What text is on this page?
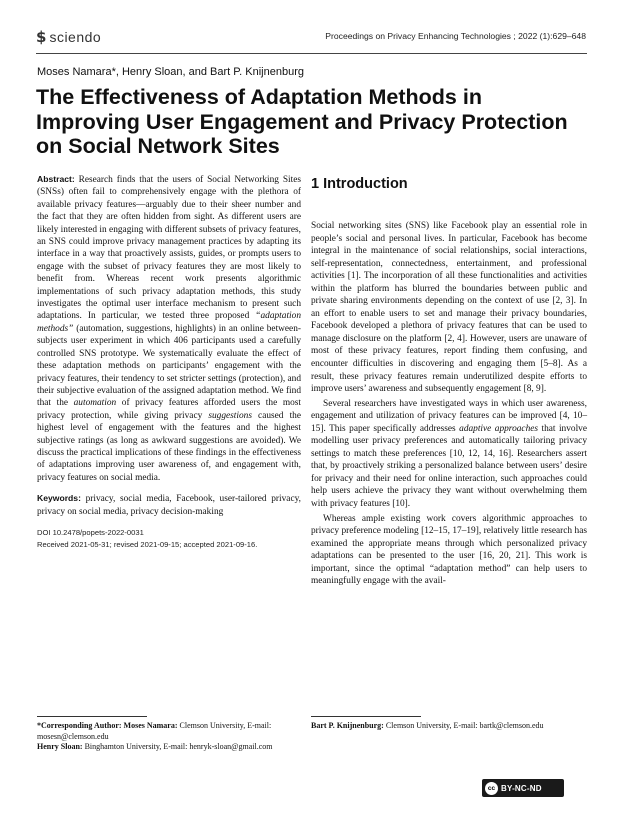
$ sciendo	Proceedings on Privacy Enhancing Technologies ; 2022 (1):629–648
Moses Namara*, Henry Sloan, and Bart P. Knijnenburg
The Effectiveness of Adaptation Methods in Improving User Engagement and Privacy Protection on Social Network Sites

Abstract: Research finds that the users of Social Networking Sites (SNSs) often fail to comprehensively engage with the plethora of available privacy features—arguably due to their sheer number and the fact that they are often hidden from sight. As different users are likely interested in engaging with different subsets of privacy features, an SNS could improve privacy management practices by adapting its interface in a way that proactively assists, guides, or prompts users to engage with the subset of privacy features they are most likely to benefit from. Whereas recent work presents algorithmic implementations of such privacy adaptation methods, this study investigates the optimal user interface mechanism to present such adaptations. In particular, we tested three proposed “adaptation methods” (automation, suggestions, highlights) in an online between-subjects user experiment in which 406 participants used a carefully controlled SNS prototype. We systematically evaluate the effect of these adaptation methods on participants’ engagement with the privacy features, their tendency to set stricter settings (protection), and their subjective evaluation of the assigned adaptation method. We find that the automation of privacy features afforded users the most privacy protection, while giving privacy suggestions caused the highest level of engagement with the features and the highest subjective ratings (as long as awkward suggestions are avoided). We discuss the practical implications of these findings in the effectiveness of adaptations improving user awareness of, and engagement with, privacy features on social media.

Keywords: privacy, social media, Facebook, user-tailored privacy, privacy on social media, privacy decision-making

DOI 10.2478/popets-2022-0031
Received 2021-05-31; revised 2021-09-15; accepted 2021-09-16.
1 Introduction

Social networking sites (SNS) like Facebook play an essential role in people’s social and personal lives. In particular, Facebook has become integral in the maintenance of social relationships, social interactions, self-representation, connectedness, entertainment, and professional activities [1]. The incorporation of all these functionalities and activities within the platform has blurred the boundaries between public and private sharing environments depending on the context of use [2, 3]. In an effort to enable users to set and manage their privacy boundaries, Facebook developed a plethora of privacy features that can be used to manage disclosure on the platform [2, 4]. However, users are unaware of most of these privacy features, report finding them confusing, and encounter difficulties in discovering and engaging them [5–8]. As a result, these privacy features remain underutilized despite efforts to improve users’ awareness and subsequently engagement [8, 9].

Several researchers have investigated ways in which user awareness, engagement and utilization of privacy features can be improved [4, 10–15]. This paper specifically addresses adaptive approaches that involve modelling user privacy preferences and automatically tailoring privacy settings to match these preferences [10, 12, 14, 16]. Researchers assert that, by proactively striking a personalized balance between users’ desire for privacy and their need for online interaction, such approaches could help users achieve the privacy they want without overwhelming them with privacy features [10].

Whereas ample existing work covers algorithmic approaches to privacy preference modeling [12–15, 17–19], relatively little research has examined the appropriate means through which personalized privacy adaptations can be presented to the user [16, 20, 21]. This work is important, since the optimal “adaptation method” can help users to meaningfully engage with the avail-

*Corresponding Author: Moses Namara: Clemson University, E-mail: mosesn@clemson.edu
Henry Sloan: Binghamton University, E-mail: henryk-sloan@gmail.com
Bart P. Knijnenburg: Clemson University, E-mail: bartk@clemson.edu
cc BY-NC-ND
